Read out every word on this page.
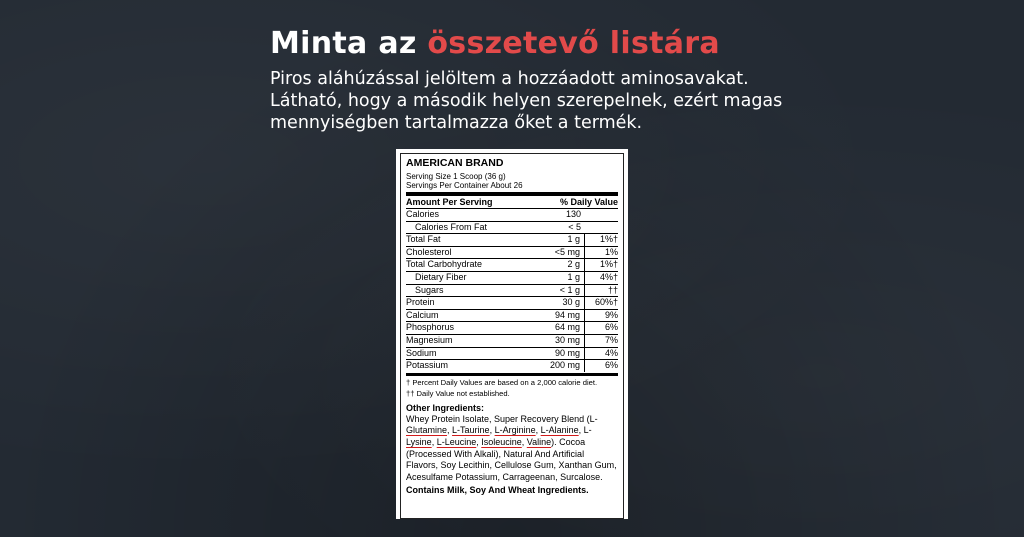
Minta az összetevő listára
Piros aláhúzással jelöltem a hozzáadott aminosavakat.
Látható, hogy a második helyen szerepelnek, ezért magas
mennyiségben tartalmazza őket a termék.
AMERICAN BRAND
Serving Size 1 Scoop (36 g)
Servings Per Container About 26
Amount Per Serving	% Daily Value
Calories	130
Calories From Fat	< 5
Total Fat	1 g	1%†
Cholesterol	<5 mg	1%
Total Carbohydrate	2 g	1%†
Dietary Fiber	1 g	4%†
Sugars	< 1 g	††
Protein	30 g	60%†
Calcium	94 mg	9%
Phosphorus	64 mg	6%
Magnesium	30 mg	7%
Sodium	90 mg	4%
Potassium	200 mg	6%
† Percent Daily Values are based on a 2,000 calorie diet.
†† Daily Value not established.
Other Ingredients:
Whey Protein Isolate, Super Recovery Blend (L-Glutamine, L-Taurine, L-Arginine, L-Alanine, L-Lysine, L-Leucine, Isoleucine, Valine). Cocoa (Processed With Alkali), Natural And Artificial Flavors, Soy Lecithin, Cellulose Gum, Xanthan Gum, Acesulfame Potassium, Carrageenan, Surcalose.
Contains Milk, Soy And Wheat Ingredients.
